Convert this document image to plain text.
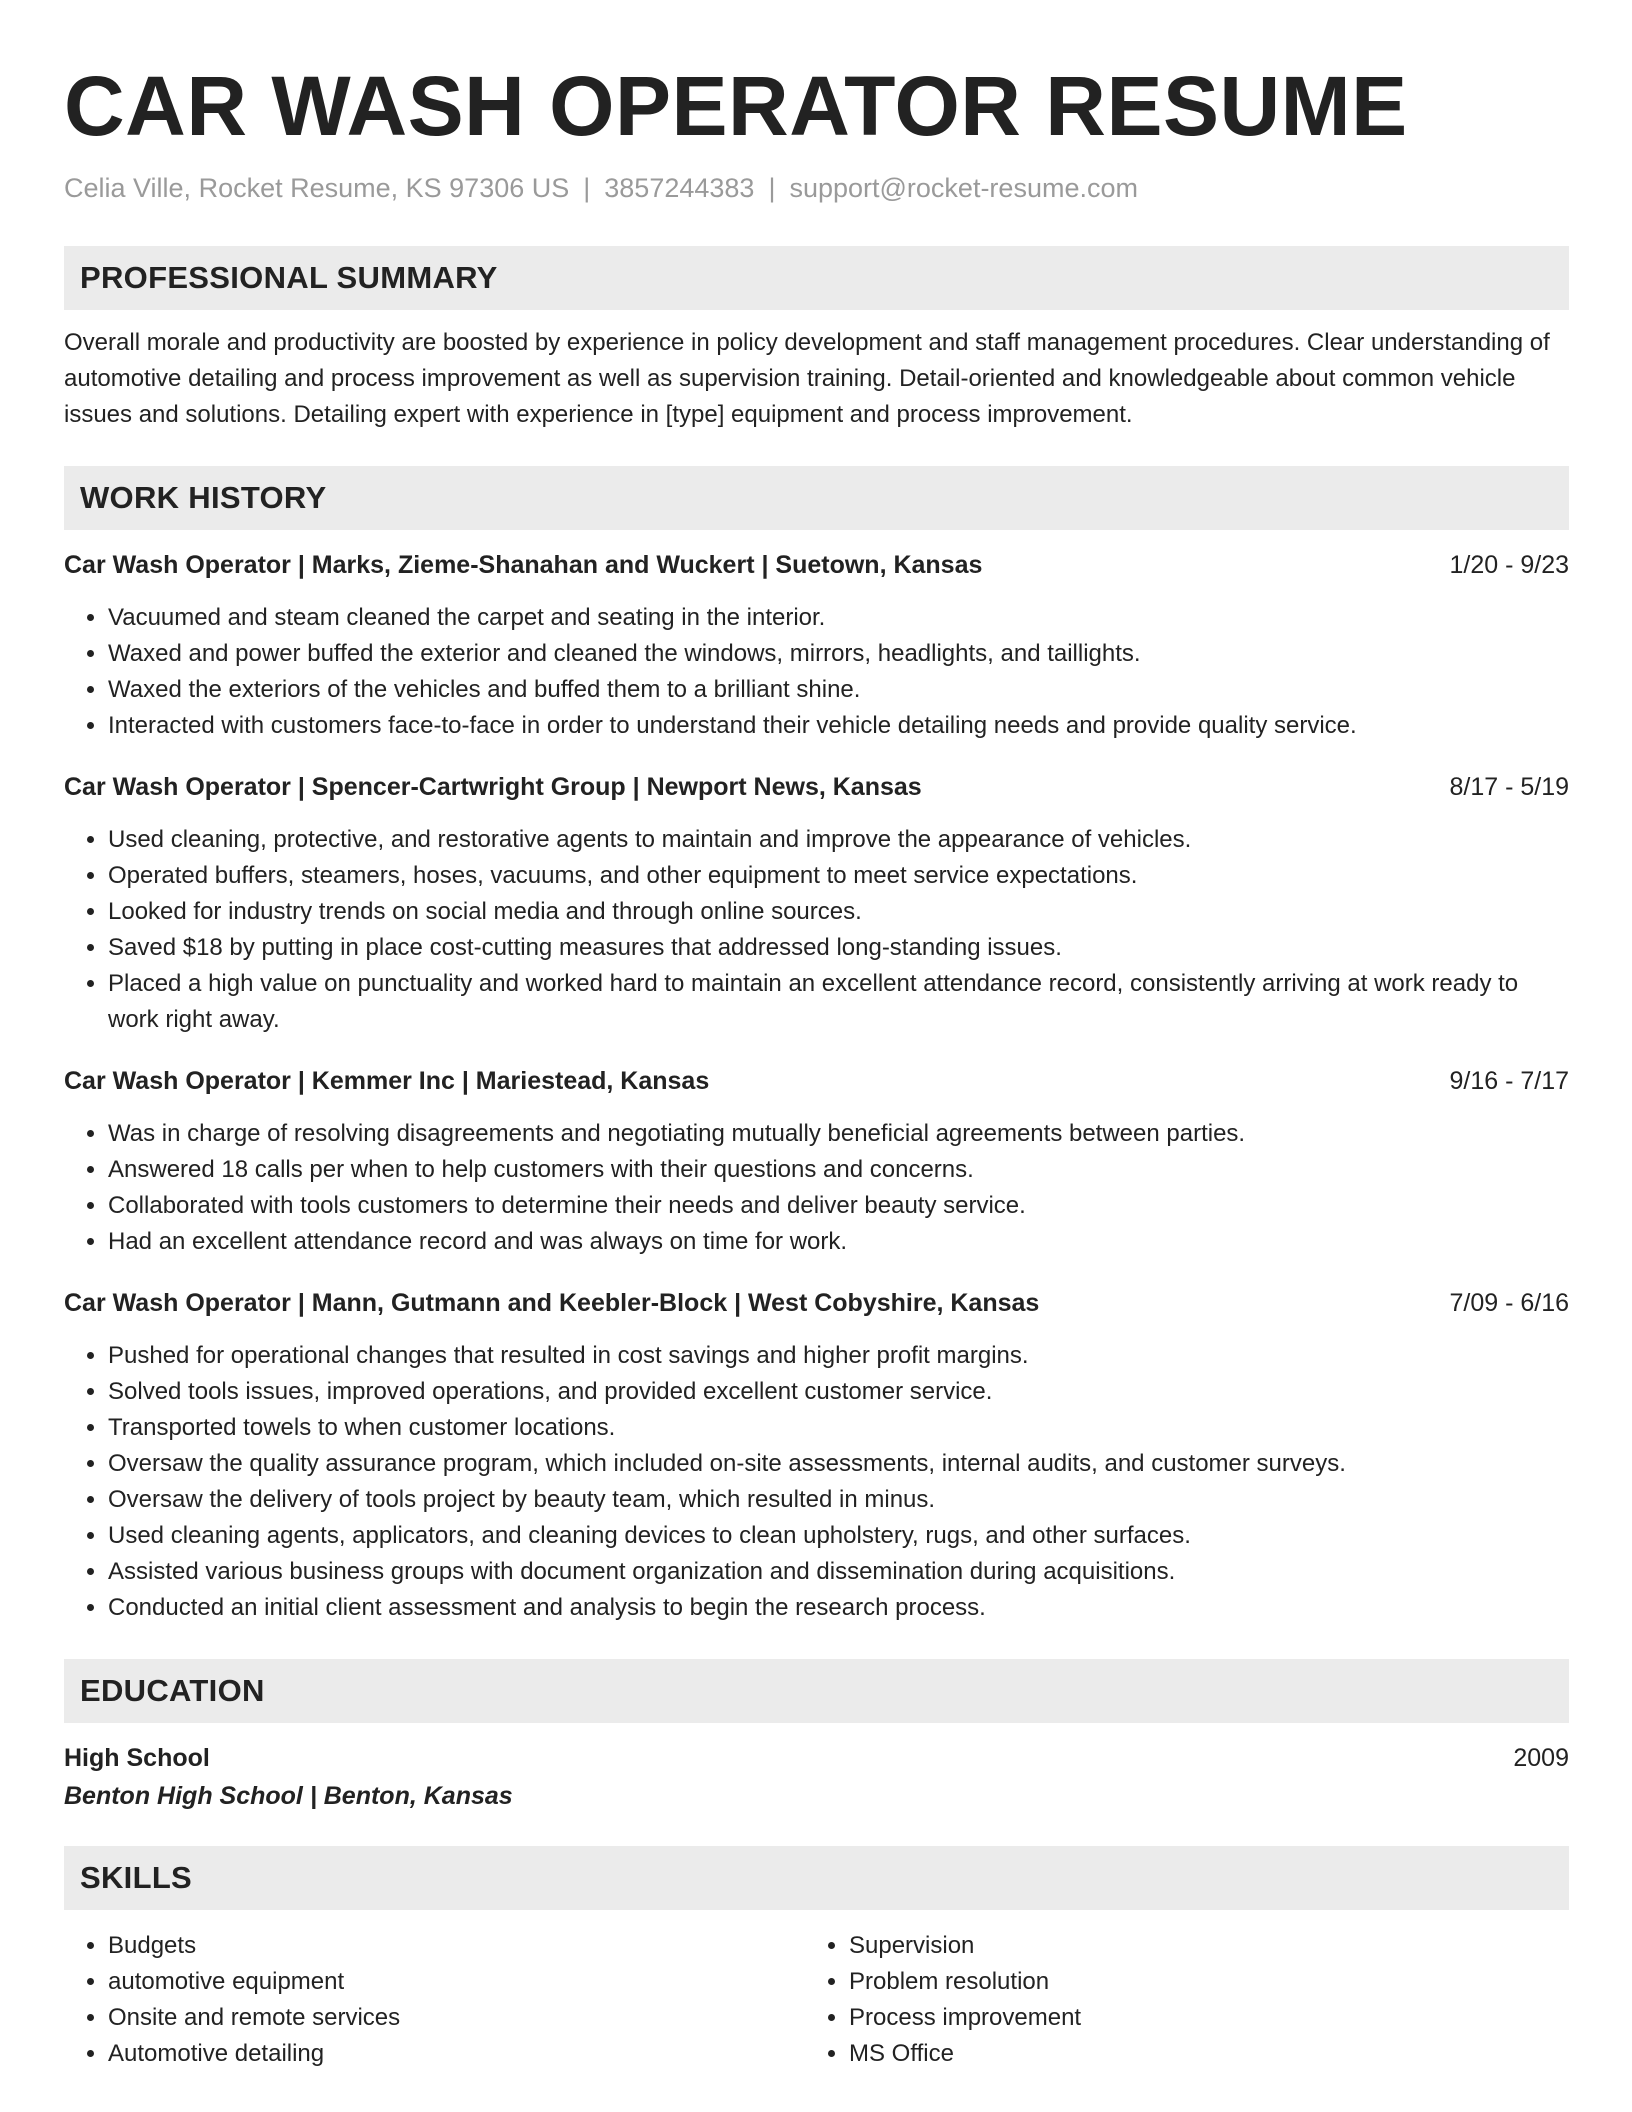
CAR WASH OPERATOR RESUME
Celia Ville, Rocket Resume, KS 97306 US | 3857244383 | support@rocket-resume.com
PROFESSIONAL SUMMARY

Overall morale and productivity are boosted by experience in policy development and staff management procedures. Clear understanding of automotive detailing and process improvement as well as supervision training. Detail-oriented and knowledgeable about common vehicle issues and solutions. Detailing expert with experience in [type] equipment and process improvement.

WORK HISTORY
Car Wash Operator | Marks, Zieme-Shanahan and Wuckert | Suetown, Kansas	1/20 - 9/23
• Vacuumed and steam cleaned the carpet and seating in the interior.
• Waxed and power buffed the exterior and cleaned the windows, mirrors, headlights, and taillights.
• Waxed the exteriors of the vehicles and buffed them to a brilliant shine.
• Interacted with customers face-to-face in order to understand their vehicle detailing needs and provide quality service.
Car Wash Operator | Spencer-Cartwright Group | Newport News, Kansas	8/17 - 5/19
• Used cleaning, protective, and restorative agents to maintain and improve the appearance of vehicles.
• Operated buffers, steamers, hoses, vacuums, and other equipment to meet service expectations.
• Looked for industry trends on social media and through online sources.
• Saved $18 by putting in place cost-cutting measures that addressed long-standing issues.
• Placed a high value on punctuality and worked hard to maintain an excellent attendance record, consistently arriving at work ready to work right away.
Car Wash Operator | Kemmer Inc | Mariestead, Kansas	9/16 - 7/17
• Was in charge of resolving disagreements and negotiating mutually beneficial agreements between parties.
• Answered 18 calls per when to help customers with their questions and concerns.
• Collaborated with tools customers to determine their needs and deliver beauty service.
• Had an excellent attendance record and was always on time for work.
Car Wash Operator | Mann, Gutmann and Keebler-Block | West Cobyshire, Kansas	7/09 - 6/16
• Pushed for operational changes that resulted in cost savings and higher profit margins.
• Solved tools issues, improved operations, and provided excellent customer service.
• Transported towels to when customer locations.
• Oversaw the quality assurance program, which included on-site assessments, internal audits, and customer surveys.
• Oversaw the delivery of tools project by beauty team, which resulted in minus.
• Used cleaning agents, applicators, and cleaning devices to clean upholstery, rugs, and other surfaces.
• Assisted various business groups with document organization and dissemination during acquisitions.
• Conducted an initial client assessment and analysis to begin the research process.
EDUCATION
High School	2009
Benton High School | Benton, Kansas
SKILLS
• Budgets
• automotive equipment
• Onsite and remote services
• Automotive detailing
• Supervision
• Problem resolution
• Process improvement
• MS Office
